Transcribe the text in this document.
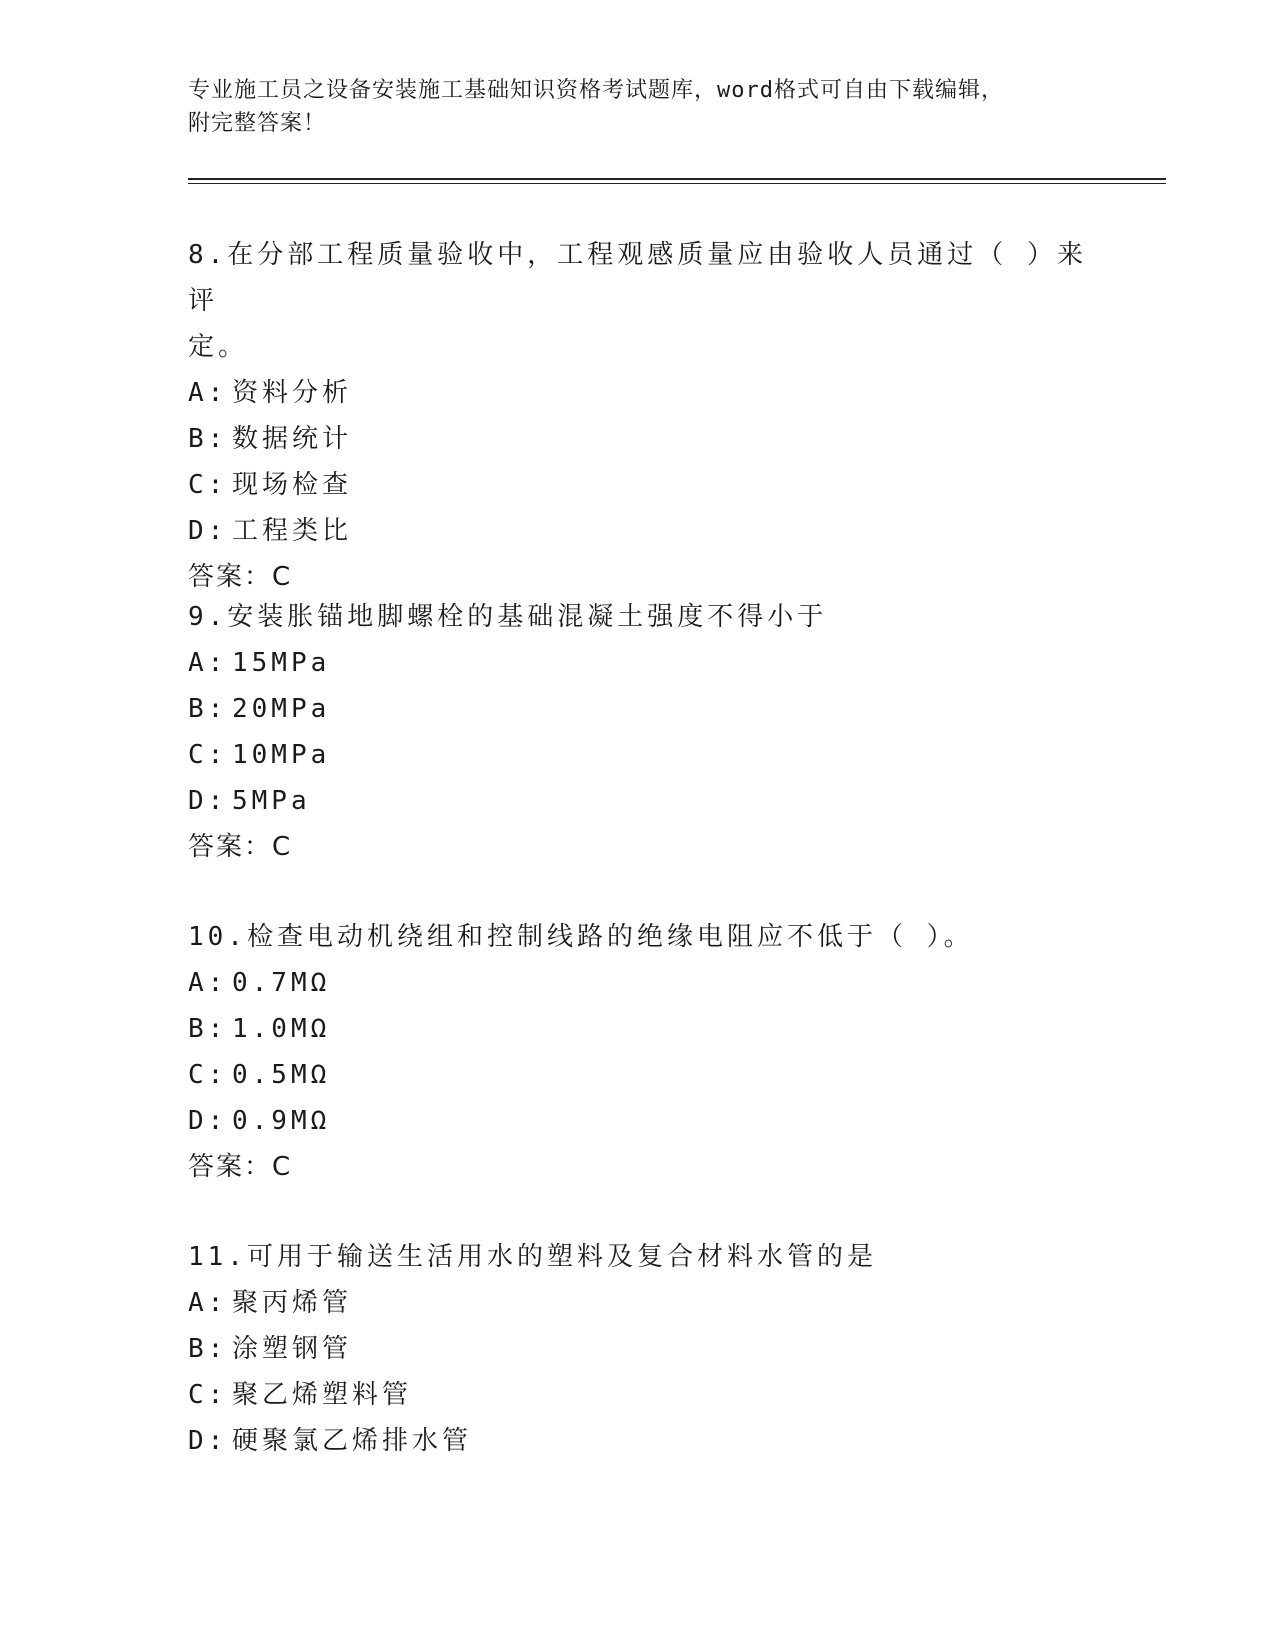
专业施工员之设备安装施工基础知识资格考试题库，word格式可自由下载编辑，
附完整答案！
8.在分部工程质量验收中，工程观感质量应由验收人员通过（ ）来评
定。
A: 资料分析
B: 数据统计
C: 现场检查
D: 工程类比
答案：C
9.安装胀锚地脚螺栓的基础混凝土强度不得小于
A: 15MPa
B: 20MPa
C: 10MPa
D: 5MPa
答案：C
10.检查电动机绕组和控制线路的绝缘电阻应不低于（ ）。
A: 0.7MΩ
B: 1.0MΩ
C: 0.5MΩ
D: 0.9MΩ
答案：C
11.可用于输送生活用水的塑料及复合材料水管的是
A: 聚丙烯管
B: 涂塑钢管
C: 聚乙烯塑料管
D: 硬聚氯乙烯排水管
